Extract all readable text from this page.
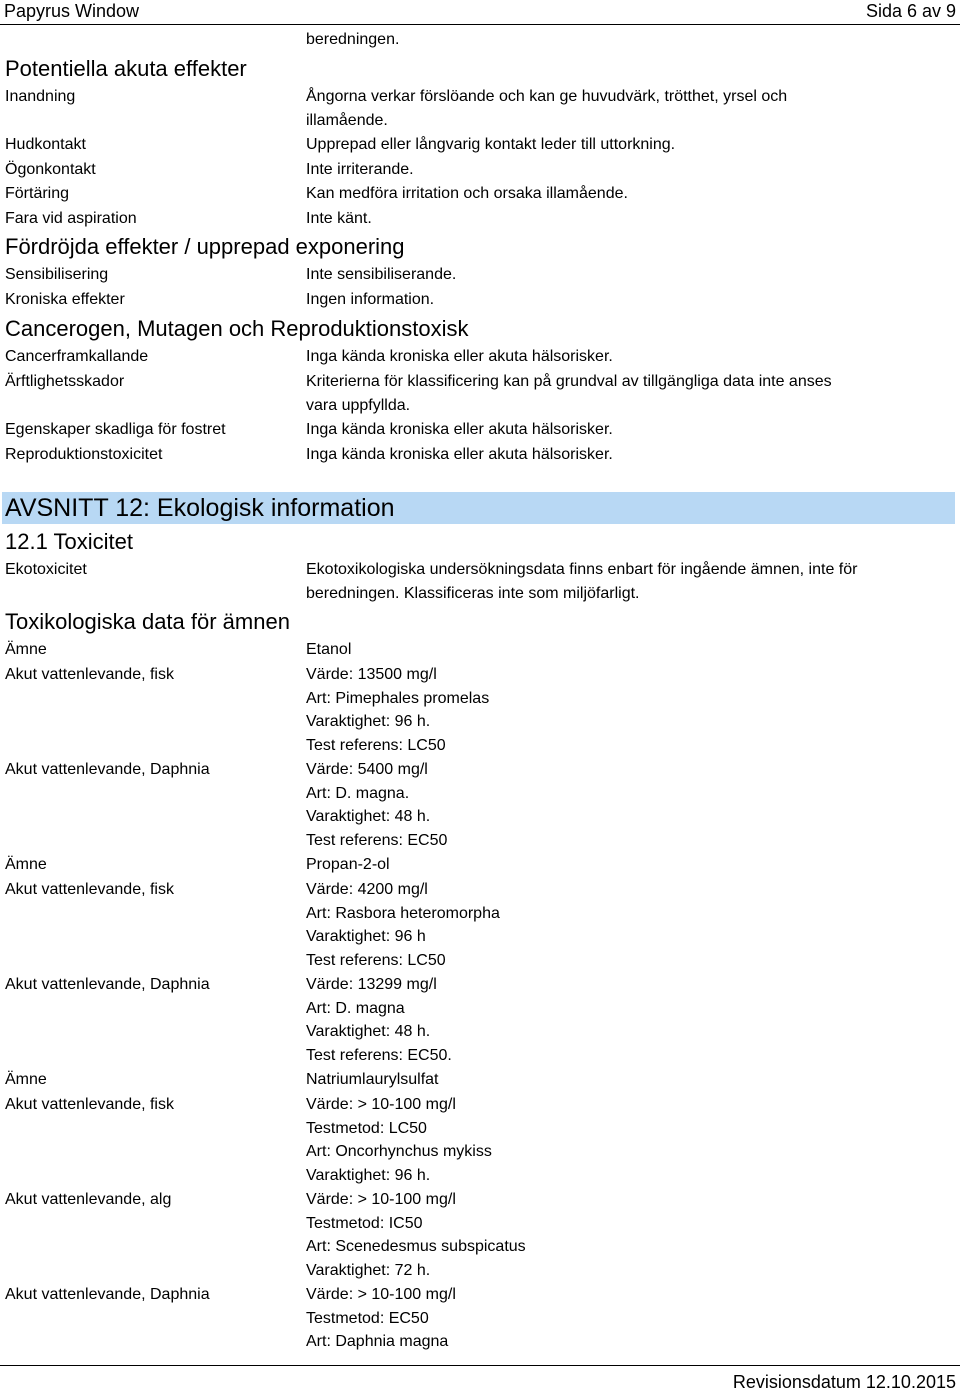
Papyrus Window	Sida 6 av 9
beredningen.
Potentiella akuta effekter
Inandning	Ångorna verkar förslöande och kan ge huvudvärk, trötthet, yrsel och
illamående.
Hudkontakt	Upprepad eller långvarig kontakt leder till uttorkning.
Ögonkontakt	Inte irriterande.
Förtäring	Kan medföra irritation och orsaka illamående.
Fara vid aspiration	Inte känt.
Fördröjda effekter / upprepad exponering
Sensibilisering	Inte sensibiliserande.
Kroniska effekter	Ingen information.
Cancerogen, Mutagen och Reproduktionstoxisk
Cancerframkallande	Inga kända kroniska eller akuta hälsorisker.
Ärftlighetsskador	Kriterierna för klassificering kan på grundval av tillgängliga data inte anses
vara uppfyllda.
Egenskaper skadliga för fostret	Inga kända kroniska eller akuta hälsorisker.
Reproduktionstoxicitet	Inga kända kroniska eller akuta hälsorisker.
AVSNITT 12: Ekologisk information
12.1 Toxicitet
Ekotoxicitet	Ekotoxikologiska undersökningsdata finns enbart för ingående ämnen, inte för
beredningen. Klassificeras inte som miljöfarligt.
Toxikologiska data för ämnen
Ämne	Etanol
Akut vattenlevande, fisk	Värde: 13500 mg/l
Art: Pimephales promelas
Varaktighet: 96 h.
Test referens: LC50
Akut vattenlevande, Daphnia	Värde: 5400 mg/l
Art: D. magna.
Varaktighet: 48 h.
Test referens: EC50
Ämne	Propan-2-ol
Akut vattenlevande, fisk	Värde: 4200 mg/l
Art: Rasbora heteromorpha
Varaktighet: 96 h
Test referens: LC50
Akut vattenlevande, Daphnia	Värde: 13299 mg/l
Art: D. magna
Varaktighet: 48 h.
Test referens: EC50.
Ämne	Natriumlaurylsulfat
Akut vattenlevande, fisk	Värde: > 10-100 mg/l
Testmetod: LC50
Art: Oncorhynchus mykiss
Varaktighet: 96 h.
Akut vattenlevande, alg	Värde: > 10-100 mg/l
Testmetod: IC50
Art: Scenedesmus subspicatus
Varaktighet: 72 h.
Akut vattenlevande, Daphnia	Värde: > 10-100 mg/l
Testmetod: EC50
Art: Daphnia magna
Revisionsdatum 12.10.2015
